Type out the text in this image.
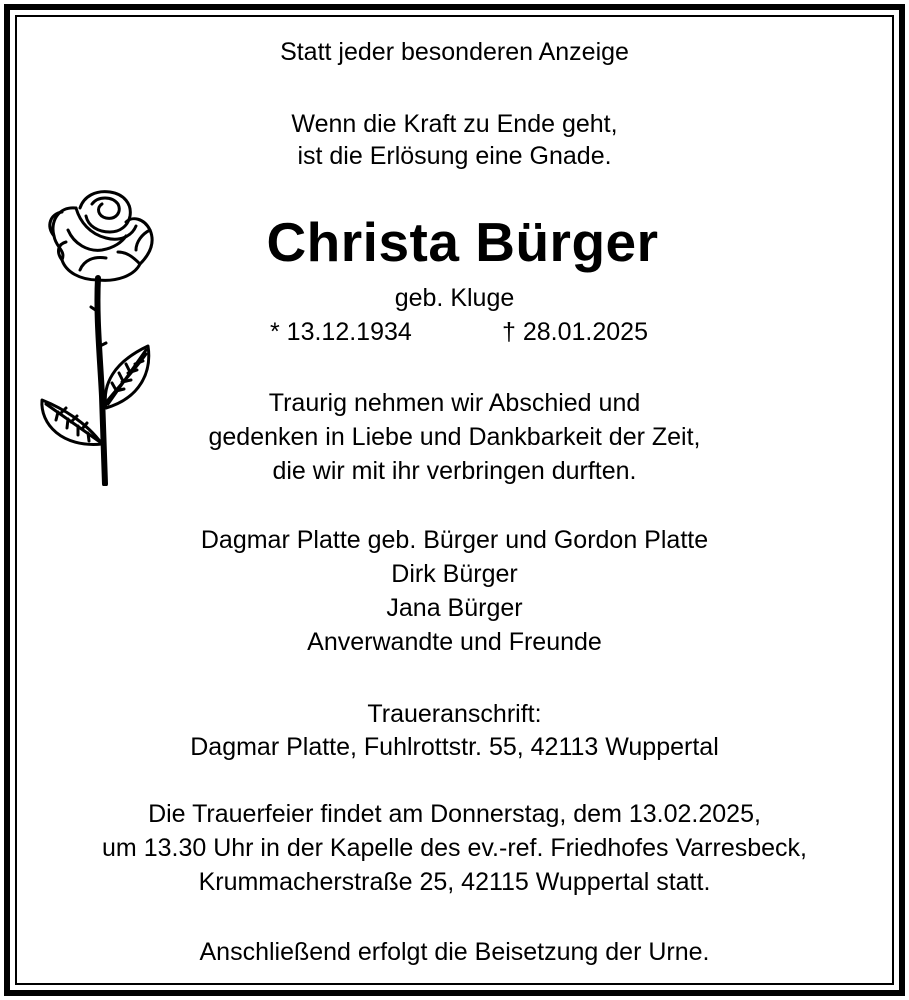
Statt jeder besonderen Anzeige
Wenn die Kraft zu Ende geht,
ist die Erlösung eine Gnade.
Christa Bürger
geb. Kluge
* 13.12.1934	† 28.01.2025
Traurig nehmen wir Abschied und
gedenken in Liebe und Dankbarkeit der Zeit,
die wir mit ihr verbringen durften.
Dagmar Platte geb. Bürger und Gordon Platte
Dirk Bürger
Jana Bürger
Anverwandte und Freunde
Traueranschrift:
Dagmar Platte, Fuhlrottstr. 55, 42113 Wuppertal
Die Trauerfeier findet am Donnerstag, dem 13.02.2025,
um 13.30 Uhr in der Kapelle des ev.-ref. Friedhofes Varresbeck,
Krummacherstraße 25, 42115 Wuppertal statt.
Anschließend erfolgt die Beisetzung der Urne.
